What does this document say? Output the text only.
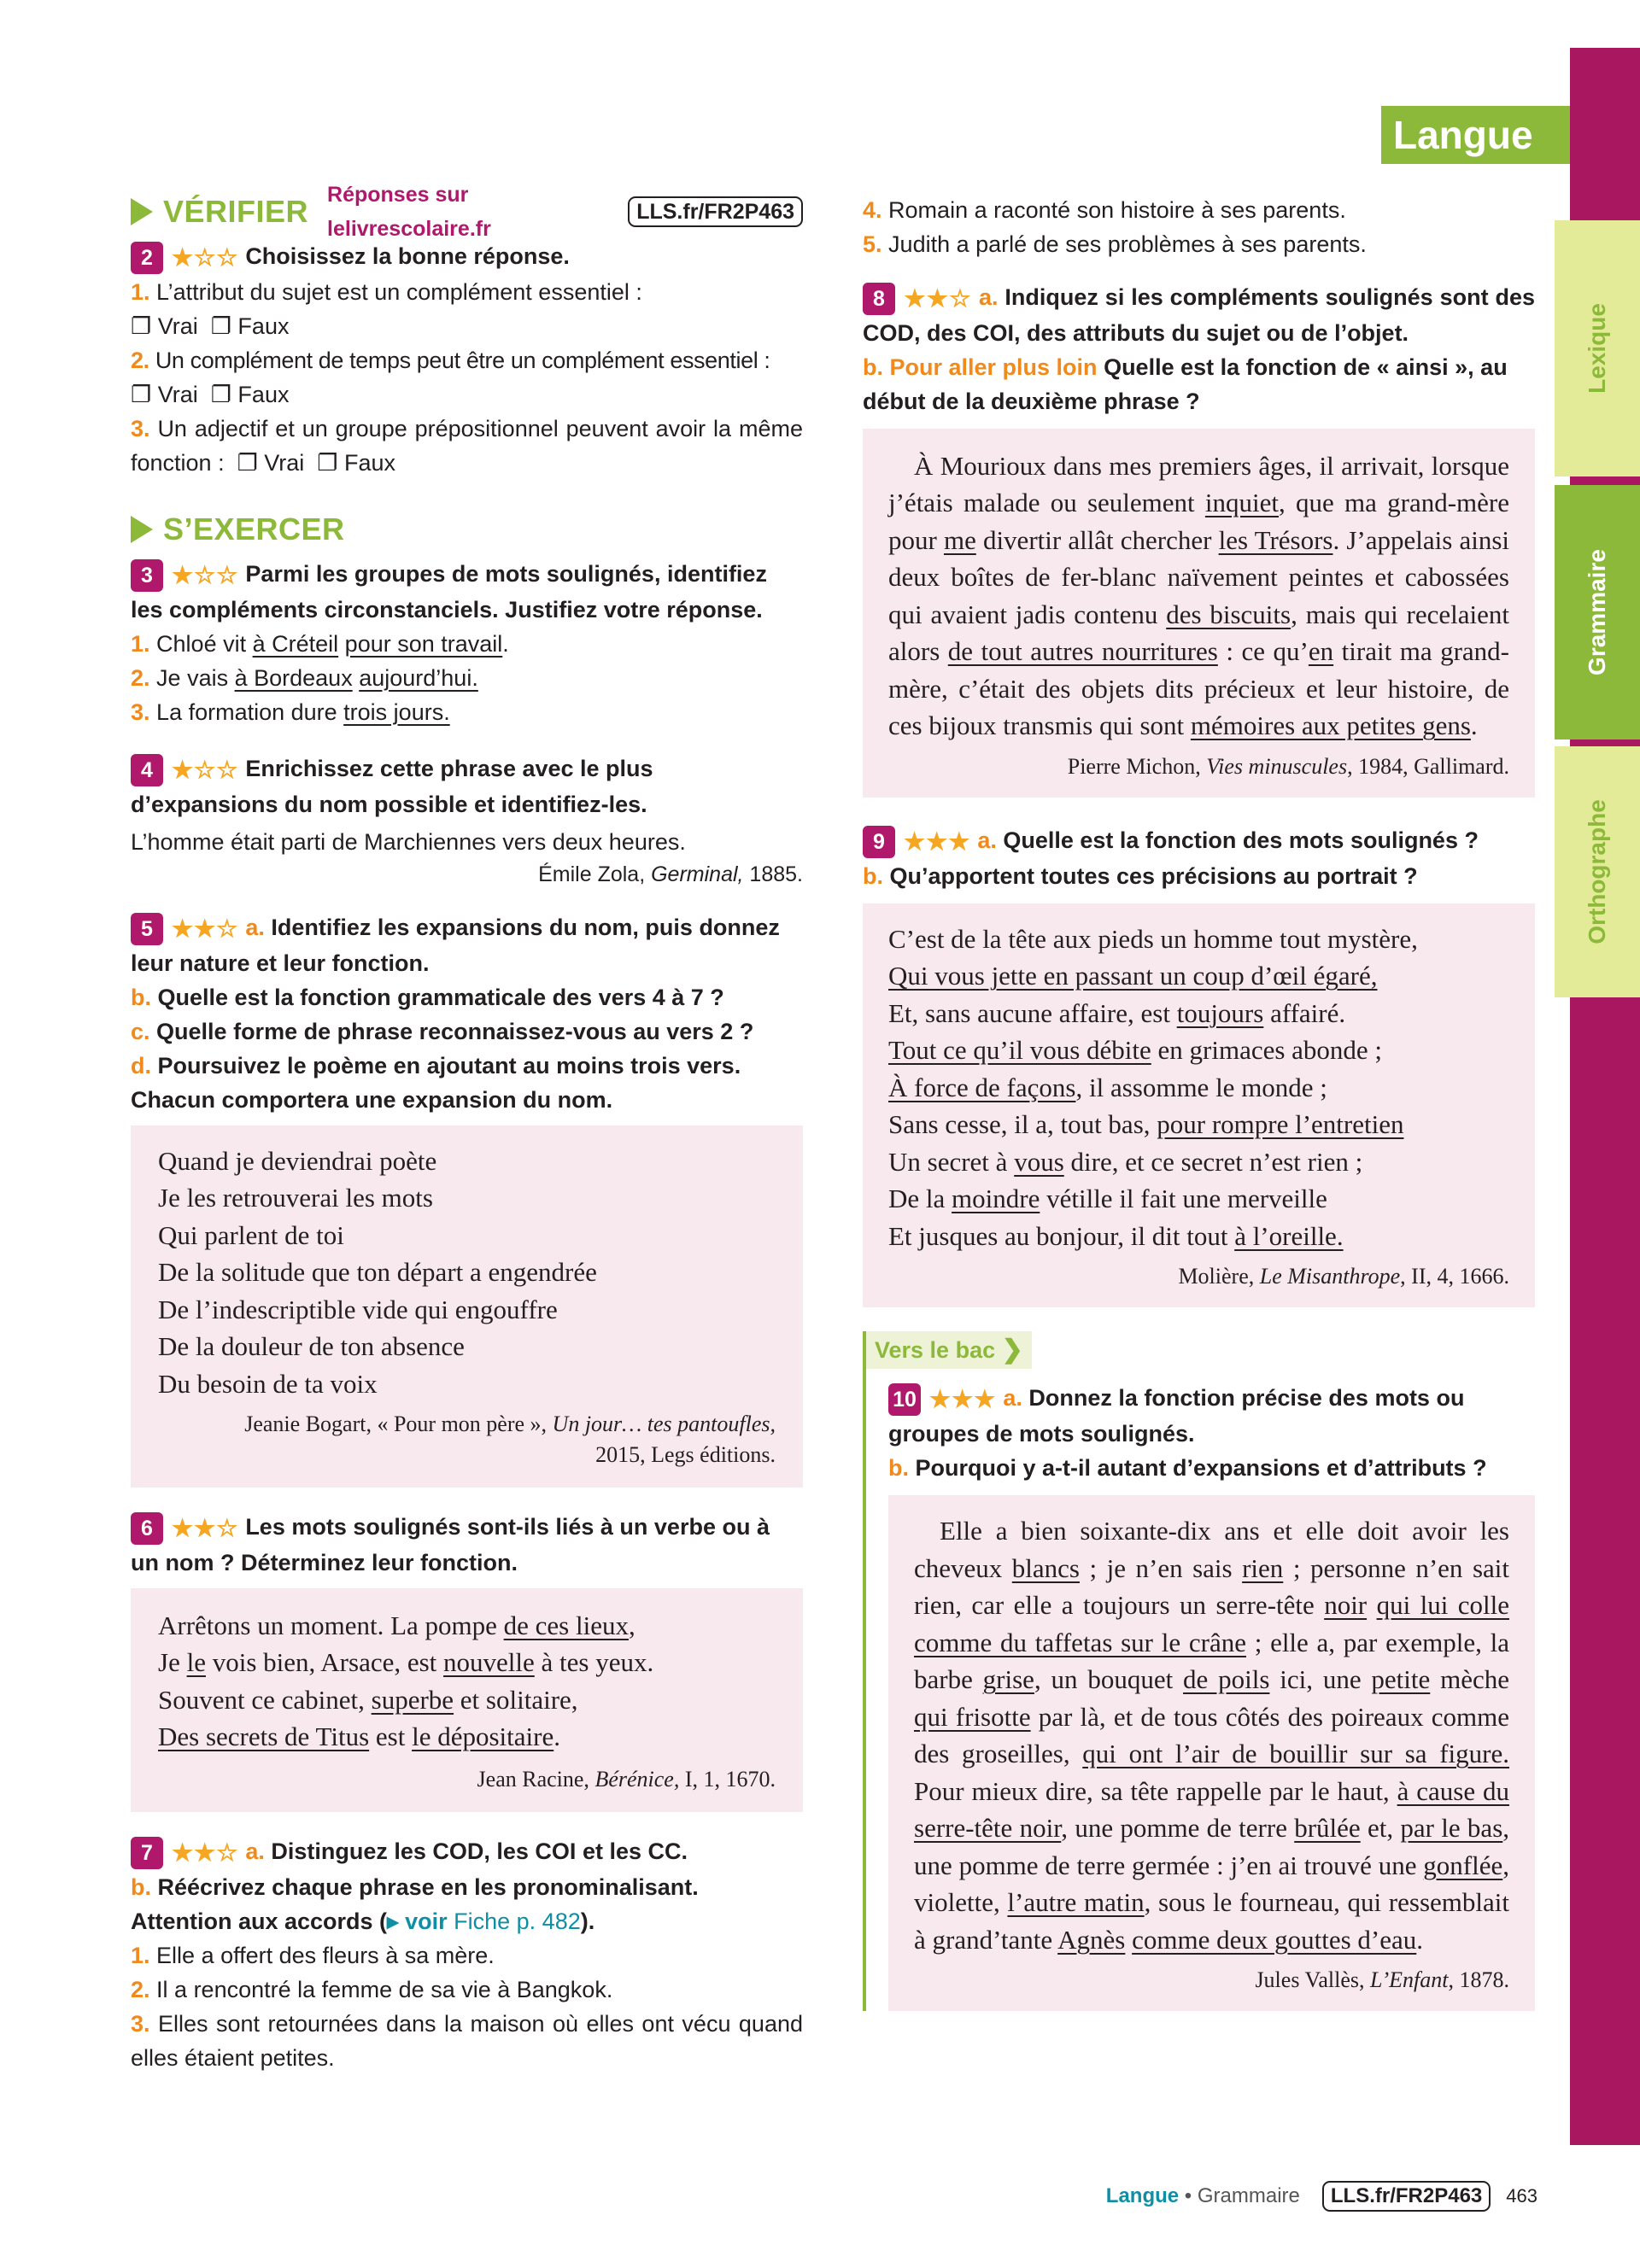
Lexique
Grammaire
Orthographe
Langue
VÉRIFIER Réponses sur lelivrescolaire.fr
LLS.fr/FR2P463
2 ★☆☆ Choisissez la bonne réponse.
1. L’attribut du sujet est un complément essentiel :
❐ Vrai  ❐ Faux
2. Un complément de temps peut être un complément essentiel :
❐ Vrai  ❐ Faux
3. Un adjectif et un groupe prépositionnel peuvent avoir la même fonction :  ❐ Vrai  ❐ Faux
S’EXERCER
3 ★☆☆ Parmi les groupes de mots soulignés, identifiez les compléments circonstanciels. Justifiez votre réponse.
1. Chloé vit à Créteil pour son travail.
2. Je vais à Bordeaux aujourd’hui.
3. La formation dure trois jours.
4 ★☆☆ Enrichissez cette phrase avec le plus d’expansions du nom possible et identifiez-les.
L’homme était parti de Marchiennes vers deux heures.
Émile Zola, Germinal, 1885.
5 ★★☆ a. Identifiez les expansions du nom, puis donnez leur nature et leur fonction.
b. Quelle est la fonction grammaticale des vers 4 à 7 ?
c. Quelle forme de phrase reconnaissez-vous au vers 2 ?
d. Poursuivez le poème en ajoutant au moins trois vers. Chacun comportera une expansion du nom.
Quand je deviendrai poète
Je les retrouverai les mots
Qui parlent de toi
De la solitude que ton départ a engendrée
De l’indescriptible vide qui engouffre
De la douleur de ton absence
Du besoin de ta voix
Jeanie Bogart, « Pour mon père », Un jour… tes pantoufles,
2015, Legs éditions.
6 ★★☆ Les mots soulignés sont-ils liés à un verbe ou à un nom ? Déterminez leur fonction.
Arrêtons un moment. La pompe de ces lieux,
Je le vois bien, Arsace, est nouvelle à tes yeux.
Souvent ce cabinet, superbe et solitaire,
Des secrets de Titus est le dépositaire.
Jean Racine, Bérénice, I, 1, 1670.
7 ★★☆ a. Distinguez les COD, les COI et les CC.
b. Réécrivez chaque phrase en les pronominalisant. Attention aux accords (▸ voir Fiche p. 482).
1. Elle a offert des fleurs à sa mère.
2. Il a rencontré la femme de sa vie à Bangkok.
3. Elles sont retournées dans la maison où elles ont vécu quand elles étaient petites.
4. Romain a raconté son histoire à ses parents.
5. Judith a parlé de ses problèmes à ses parents.
8 ★★☆ a. Indiquez si les compléments soulignés sont des COD, des COI, des attributs du sujet ou de l’objet.
b. Pour aller plus loin Quelle est la fonction de « ainsi », au début de la deuxième phrase ?
À Mourioux dans mes premiers âges, il arrivait, lorsque j’étais malade ou seulement inquiet, que ma grand-mère pour me divertir allât chercher les Trésors. J’appelais ainsi deux boîtes de fer-blanc naïvement peintes et cabossées qui avaient jadis contenu des biscuits, mais qui recelaient alors de tout autres nourritures : ce qu’en tirait ma grand-mère, c’était des objets dits précieux et leur histoire, de ces bijoux transmis qui sont mémoires aux petites gens.
Pierre Michon, Vies minuscules, 1984, Gallimard.
9 ★★★ a. Quelle est la fonction des mots soulignés ?
b. Qu’apportent toutes ces précisions au portrait ?
C’est de la tête aux pieds un homme tout mystère,
Qui vous jette en passant un coup d’œil égaré,
Et, sans aucune affaire, est toujours affairé.
Tout ce qu’il vous débite en grimaces abonde ;
À force de façons, il assomme le monde ;
Sans cesse, il a, tout bas, pour rompre l’entretien
Un secret à vous dire, et ce secret n’est rien ;
De la moindre vétille il fait une merveille
Et jusques au bonjour, il dit tout à l’oreille.
Molière, Le Misanthrope, II, 4, 1666.
Vers le bac ❯
10 ★★★ a. Donnez la fonction précise des mots ou groupes de mots soulignés.
b. Pourquoi y a-t-il autant d’expansions et d’attributs ?
Elle a bien soixante-dix ans et elle doit avoir les cheveux blancs ; je n’en sais rien ; personne n’en sait rien, car elle a toujours un serre-tête noir qui lui colle comme du taffetas sur le crâne ; elle a, par exemple, la barbe grise, un bouquet de poils ici, une petite mèche qui frisotte par là, et de tous côtés des poireaux comme des groseilles, qui ont l’air de bouillir sur sa figure. Pour mieux dire, sa tête rappelle par le haut, à cause du serre-tête noir, une pomme de terre brûlée et, par le bas, une pomme de terre germée : j’en ai trouvé une gonflée, violette, l’autre matin, sous le fourneau, qui ressemblait à grand’tante Agnès comme deux gouttes d’eau.
Jules Vallès, L’Enfant, 1878.
Langue • Grammaire	LLS.fr/FR2P463	463
